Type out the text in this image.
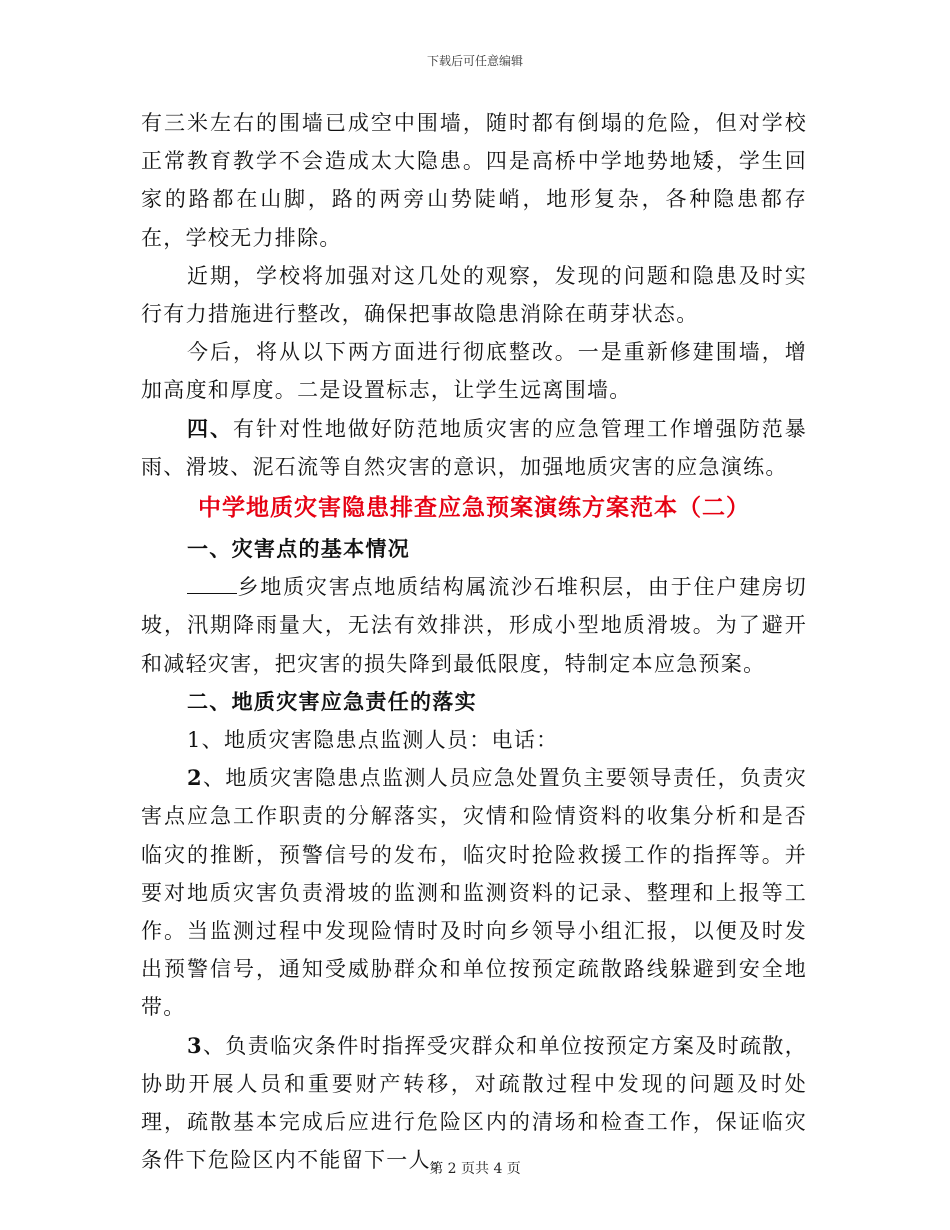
下载后可任意编辑

有三米左右的围墙已成空中围墙，随时都有倒塌的危险，但对学校正常教育教学不会造成太大隐患。四是高桥中学地势地矮，学生回家的路都在山脚，路的两旁山势陡峭，地形复杂，各种隐患都存在，学校无力排除。

近期，学校将加强对这几处的观察，发现的问题和隐患及时实行有力措施进行整改，确保把事故隐患消除在萌芽状态。

今后，将从以下两方面进行彻底整改。一是重新修建围墙，增加高度和厚度。二是设置标志，让学生远离围墙。

四、有针对性地做好防范地质灾害的应急管理工作增强防范暴雨、滑坡、泥石流等自然灾害的意识，加强地质灾害的应急演练。

中学地质灾害隐患排查应急预案演练方案范本（二）

一、灾害点的基本情况

乡地质灾害点地质结构属流沙石堆积层，由于住户建房切坡，汛期降雨量大，无法有效排洪，形成小型地质滑坡。为了避开和减轻灾害，把灾害的损失降到最低限度，特制定本应急预案。

二、地质灾害应急责任的落实

1、地质灾害隐患点监测人员：电话：

2、地质灾害隐患点监测人员应急处置负主要领导责任，负责灾害点应急工作职责的分解落实，灾情和险情资料的收集分析和是否临灾的推断，预警信号的发布，临灾时抢险救援工作的指挥等。并要对地质灾害负责滑坡的监测和监测资料的记录、整理和上报等工作。当监测过程中发现险情时及时向乡领导小组汇报，以便及时发出预警信号，通知受威胁群众和单位按预定疏散路线躲避到安全地带。

3、负责临灾条件时指挥受灾群众和单位按预定方案及时疏散，协助开展人员和重要财产转移，对疏散过程中发现的问题及时处理，疏散基本完成后应进行危险区内的清场和检查工作，保证临灾条件下危险区内不能留下一人。

第 2 页共 4 页
